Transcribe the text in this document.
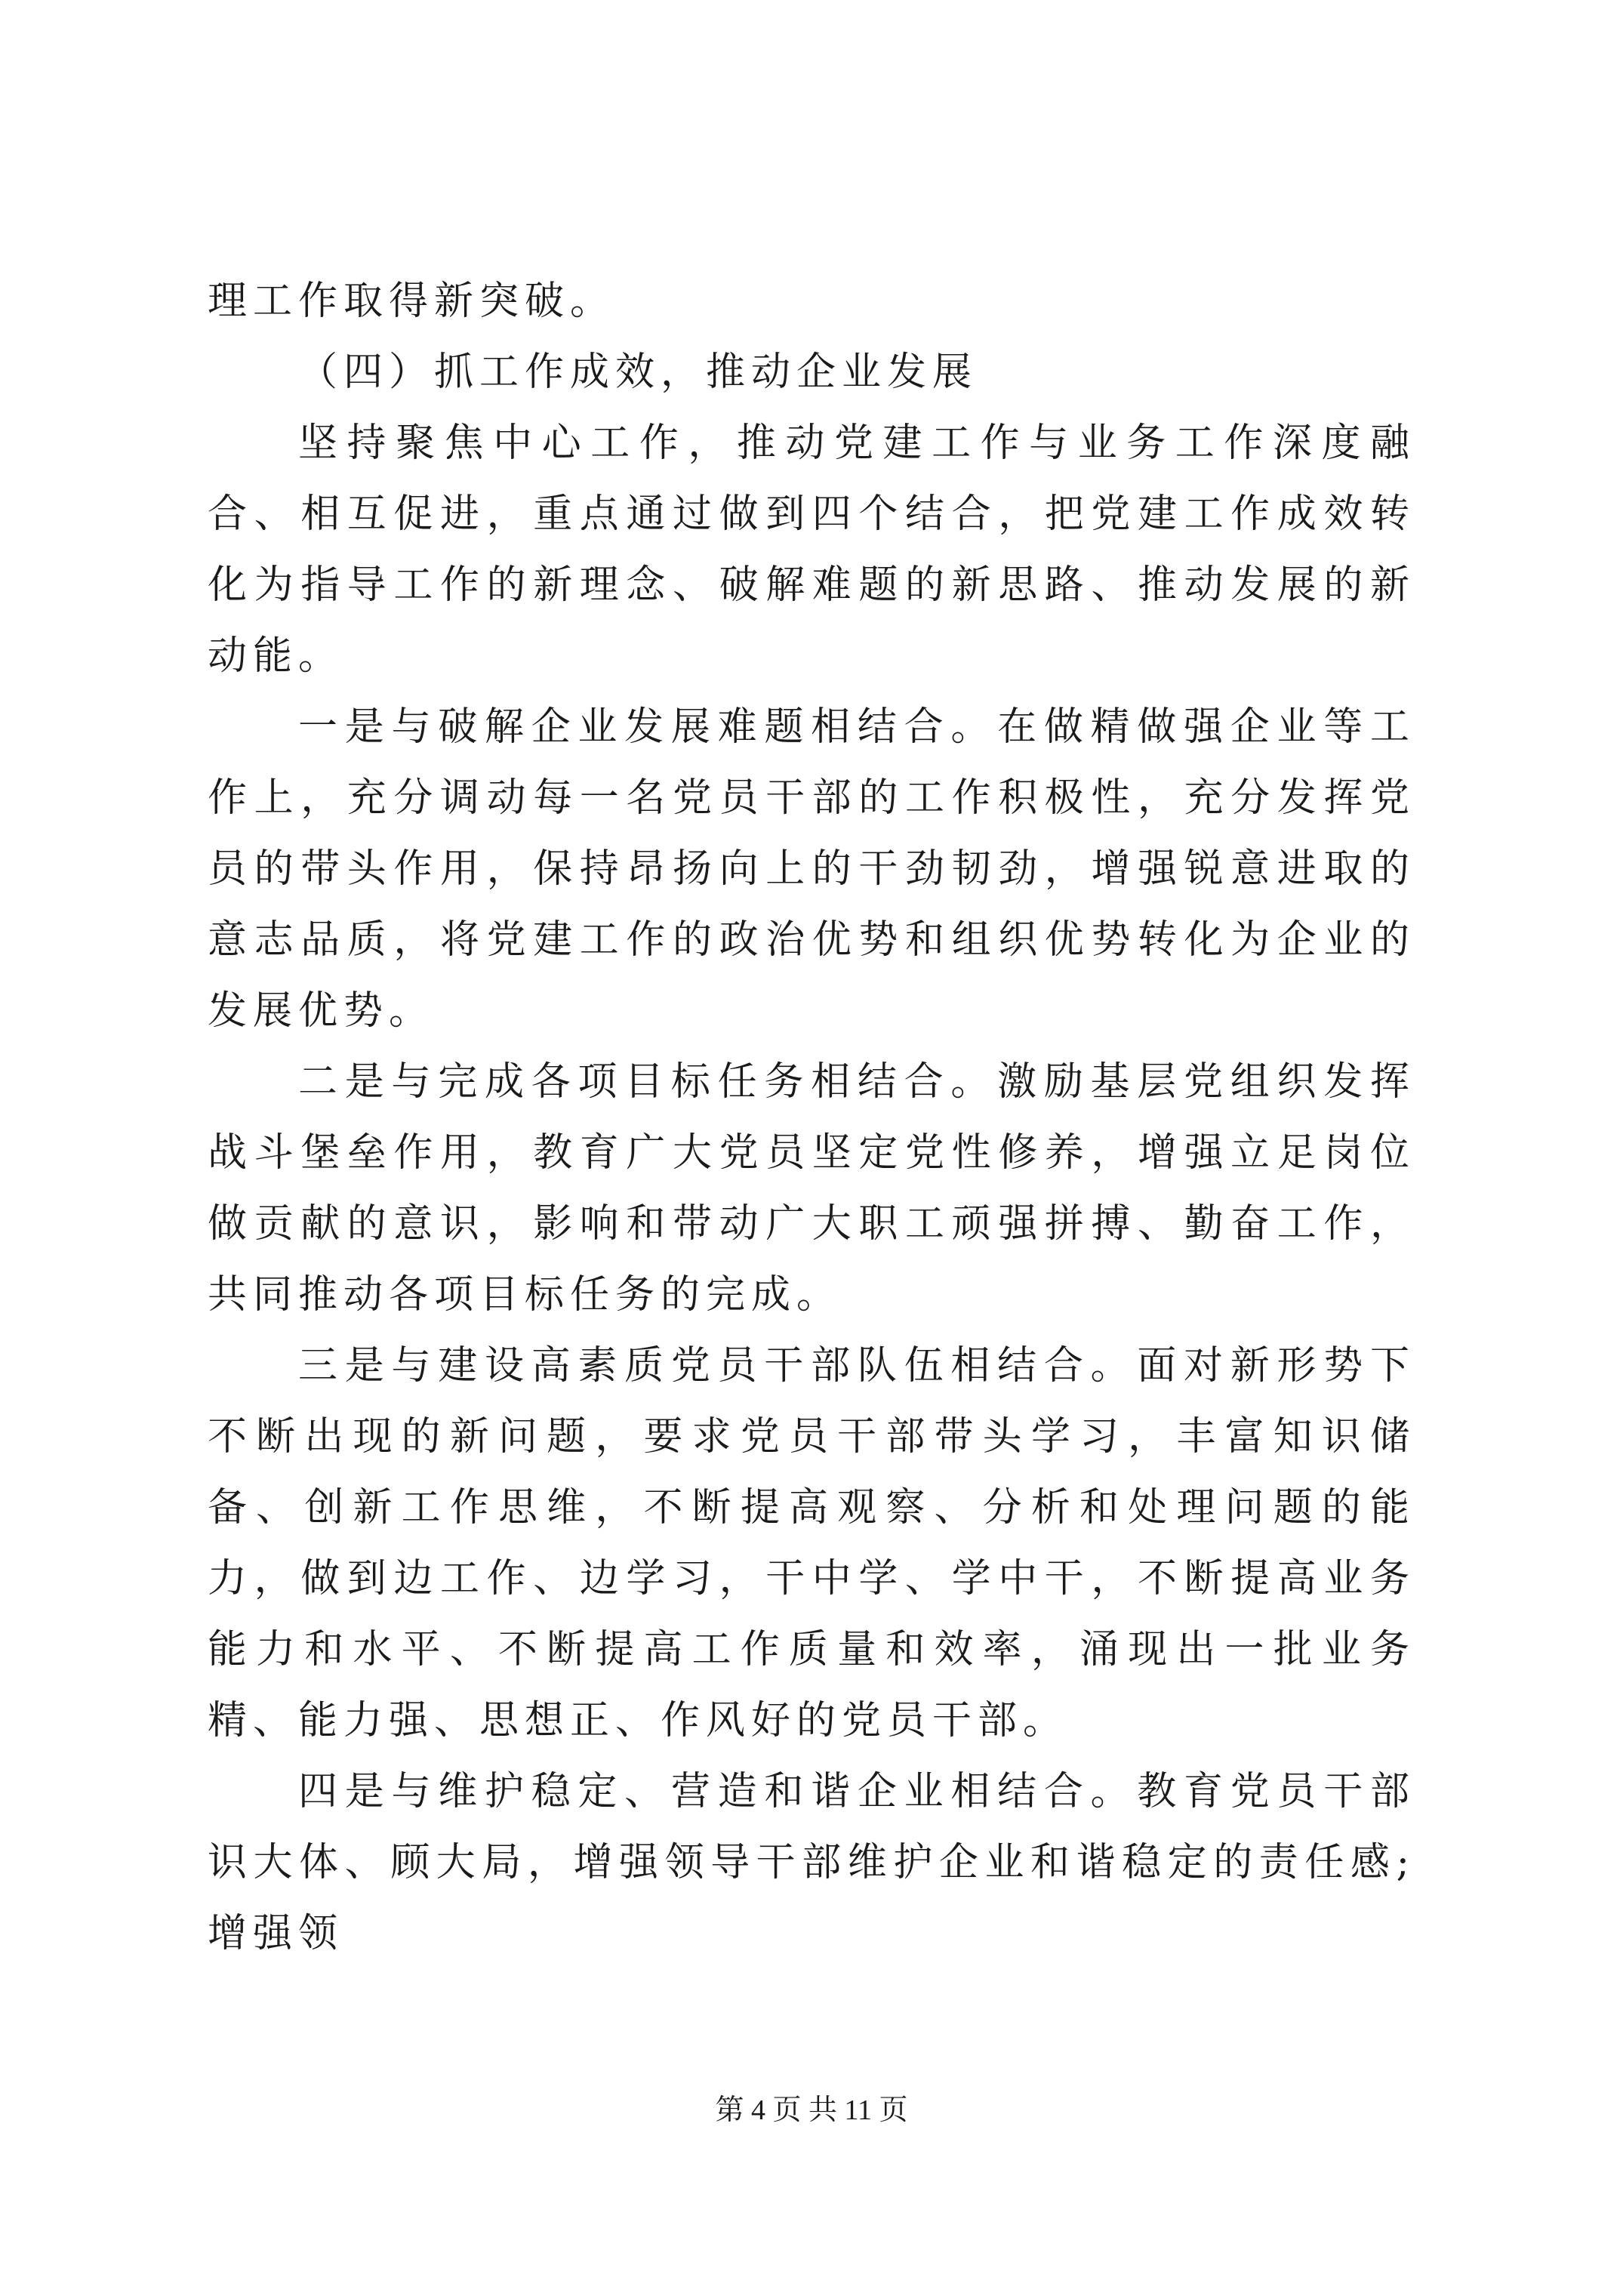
理工作取得新突破。

（四）抓工作成效，推动企业发展

坚持聚焦中心工作，推动党建工作与业务工作深度融合、相互促进，重点通过做到四个结合，把党建工作成效转化为指导工作的新理念、破解难题的新思路、推动发展的新动能。

一是与破解企业发展难题相结合。在做精做强企业等工作上，充分调动每一名党员干部的工作积极性，充分发挥党员的带头作用，保持昂扬向上的干劲韧劲，增强锐意进取的意志品质，将党建工作的政治优势和组织优势转化为企业的发展优势。

二是与完成各项目标任务相结合。激励基层党组织发挥战斗堡垒作用，教育广大党员坚定党性修养，增强立足岗位做贡献的意识，影响和带动广大职工顽强拼搏、勤奋工作，共同推动各项目标任务的完成。

三是与建设高素质党员干部队伍相结合。面对新形势下不断出现的新问题，要求党员干部带头学习，丰富知识储备、创新工作思维，不断提高观察、分析和处理问题的能力，做到边工作、边学习，干中学、学中干，不断提高业务能力和水平、不断提高工作质量和效率，涌现出一批业务精、能力强、思想正、作风好的党员干部。

四是与维护稳定、营造和谐企业相结合。教育党员干部识大体、顾大局，增强领导干部维护企业和谐稳定的责任感;增强领

第 4 页 共 11 页
